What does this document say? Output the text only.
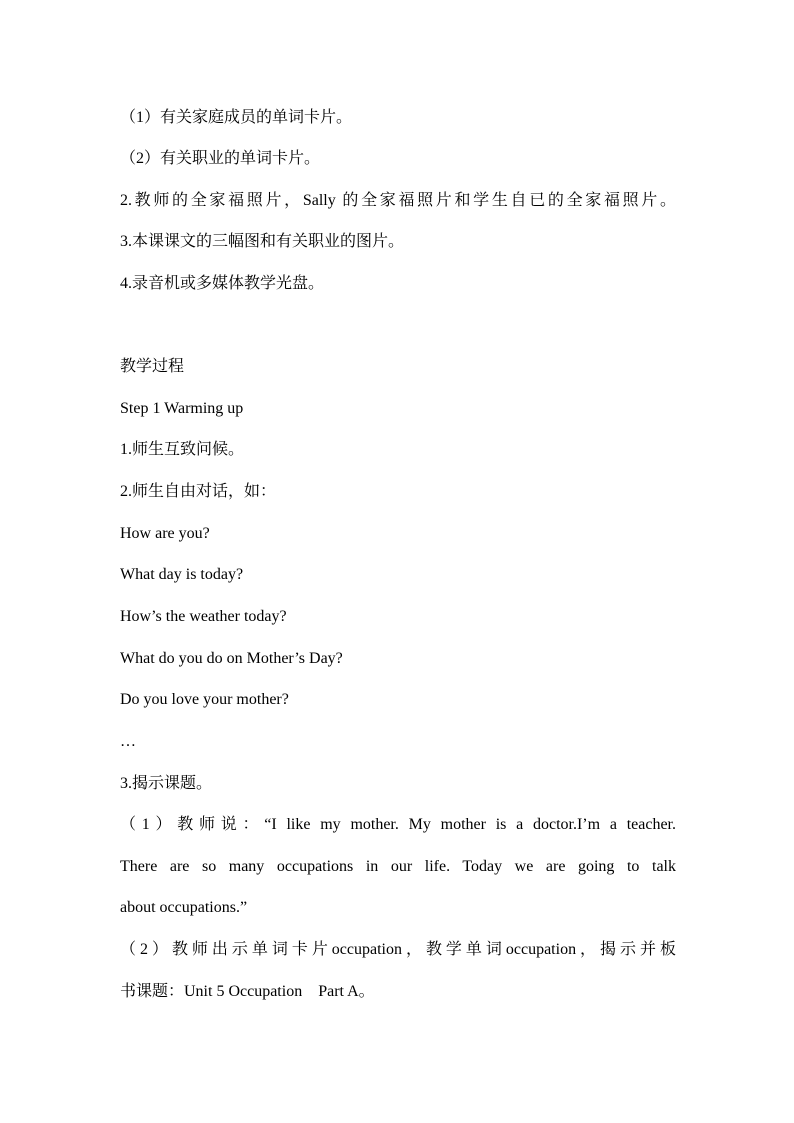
（1）有关家庭成员的单词卡片。
（2）有关职业的单词卡片。
2.教师的全家福照片，Sally 的全家福照片和学生自已的全家福照片。
3.本课课文的三幅图和有关职业的图片。
4.录音机或多媒体教学光盘。
教学过程
Step 1 Warming up
1.师生互致问候。
2.师生自由对话，如：
How are you?
What day is today?
How’s the weather today?
What do you do on Mother’s Day?
Do you love your mother?
…
3.揭示课题。
（1）教师说：“I like my mother. My mother is a doctor.I’m a teacher.
There are so many occupations in our life. Today we are going to talk
about occupations.”
（2）教师出示单词卡片occupation，教学单词occupation，揭示并板
书课题：Unit 5 Occupation　Part A。
